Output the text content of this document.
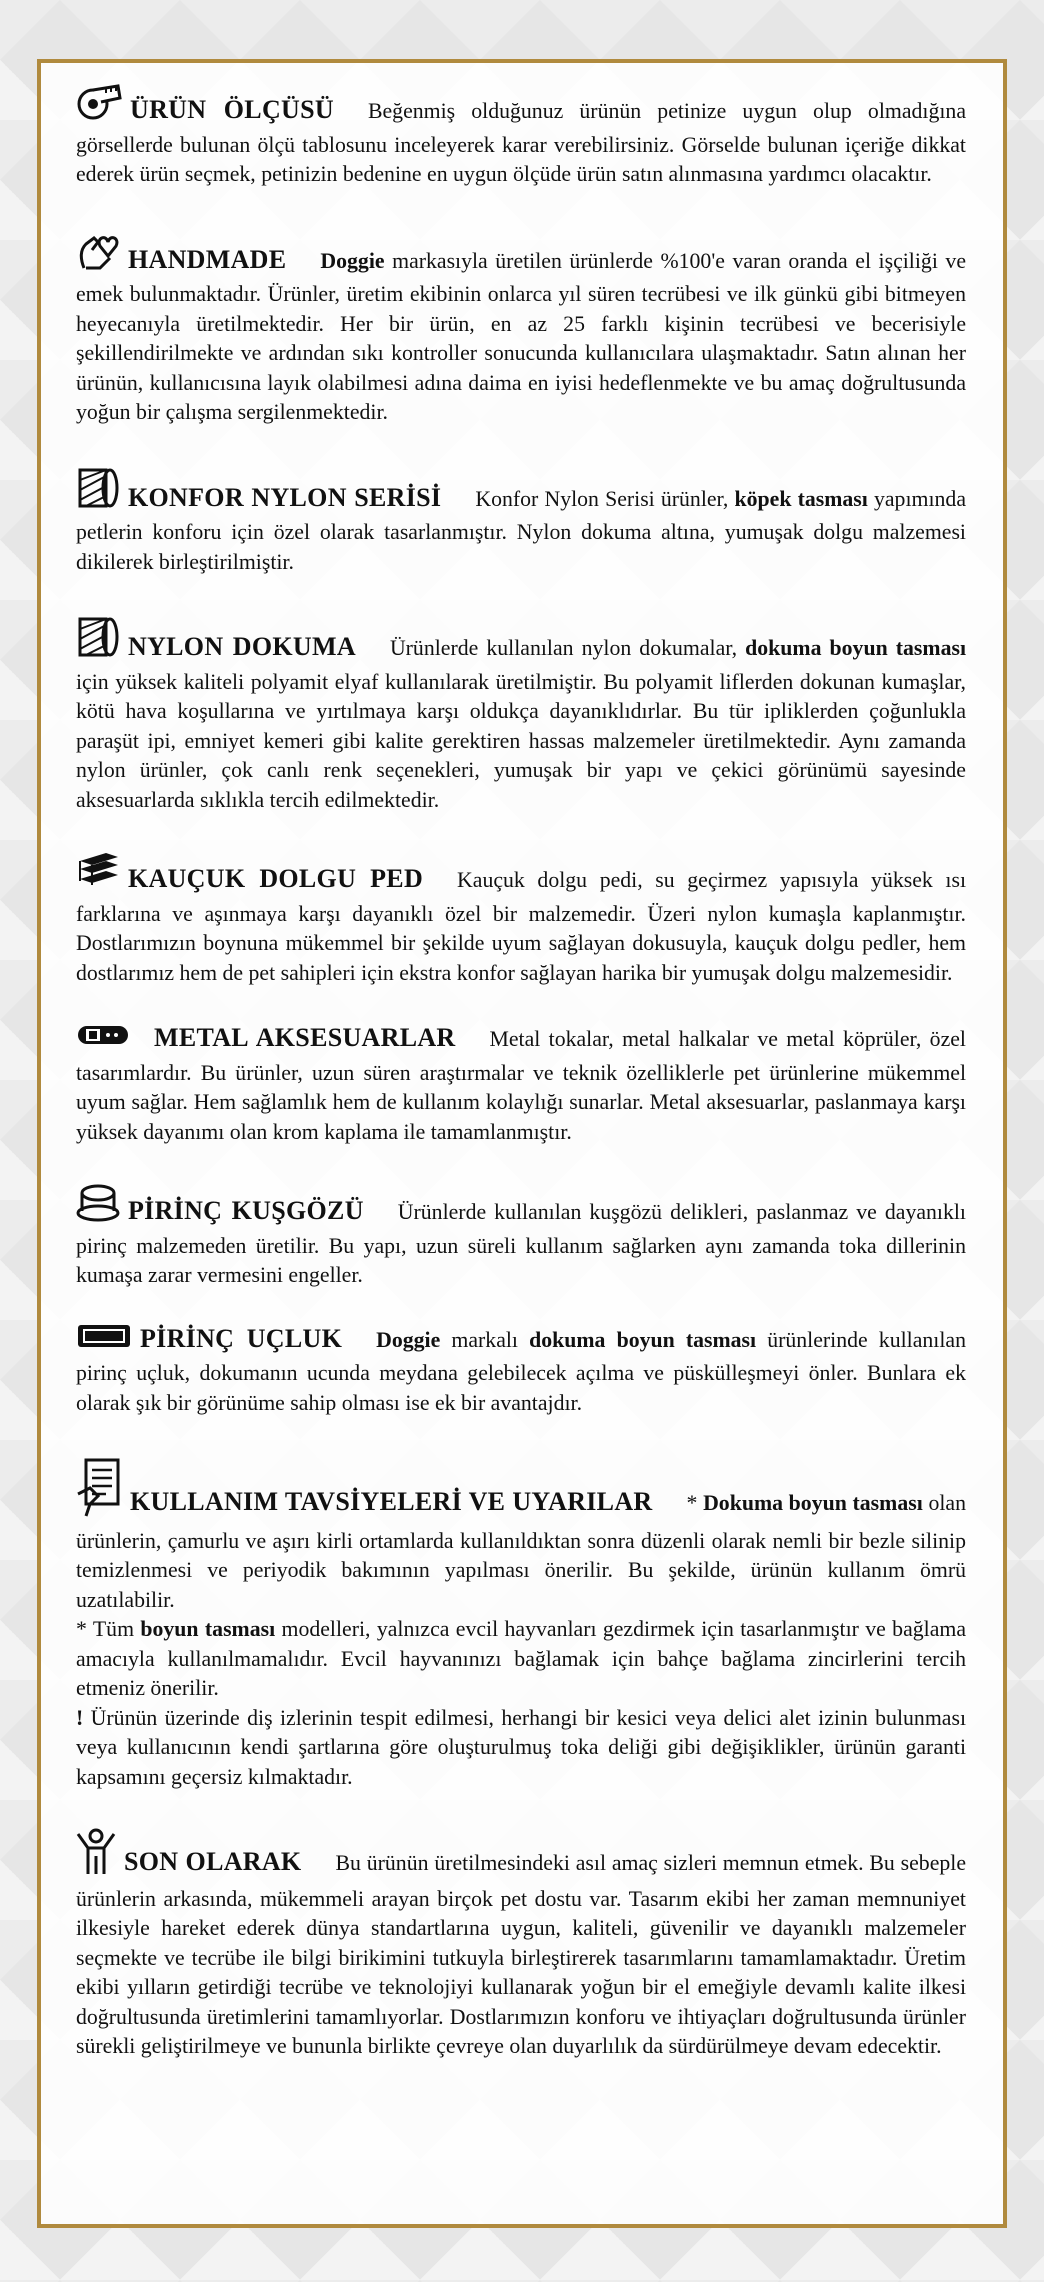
ÜRÜN ÖLÇÜSÜ Beğenmiş olduğunuz ürünün petinize uygun olup olmadığına görsellerde bulunan ölçü tablosunu inceleyerek karar verebilirsiniz. Görselde bulunan içeriğe dikkat ederek ürün seçmek, petinizin bedenine en uygun ölçüde ürün satın alınmasına yardımcı olacaktır.

HANDMADE Doggie markasıyla üretilen ürünlerde %100'e varan oranda el işçiliği ve emek bulunmaktadır. Ürünler, üretim ekibinin onlarca yıl süren tecrübesi ve ilk günkü gibi bitmeyen heyecanıyla üretilmektedir. Her bir ürün, en az 25 farklı kişinin tecrübesi ve becerisiyle şekillendirilmekte ve ardından sıkı kontroller sonucunda kullanıcılara ulaşmaktadır. Satın alınan her ürünün, kullanıcısına layık olabilmesi adına daima en iyisi hedeflenmekte ve bu amaç doğrultusunda yoğun bir çalışma sergilenmektedir.

KONFOR NYLON SERİSİ Konfor Nylon Serisi ürünler, köpek tasması yapımında petlerin konforu için özel olarak tasarlanmıştır. Nylon dokuma altına, yumuşak dolgu malzemesi dikilerek birleştirilmiştir.

NYLON DOKUMA Ürünlerde kullanılan nylon dokumalar, dokuma boyun tasması için yüksek kaliteli polyamit elyaf kullanılarak üretilmiştir. Bu polyamit liflerden dokunan kumaşlar, kötü hava koşullarına ve yırtılmaya karşı oldukça dayanıklıdırlar. Bu tür ipliklerden çoğunlukla paraşüt ipi, emniyet kemeri gibi kalite gerektiren hassas malzemeler üretilmektedir. Aynı zamanda nylon ürünler, çok canlı renk seçenekleri, yumuşak bir yapı ve çekici görünümü sayesinde aksesuarlarda sıklıkla tercih edilmektedir.

KAUÇUK DOLGU PED Kauçuk dolgu pedi, su geçirmez yapısıyla yüksek ısı farklarına ve aşınmaya karşı dayanıklı özel bir malzemedir. Üzeri nylon kumaşla kaplanmıştır. Dostlarımızın boynuna mükemmel bir şekilde uyum sağlayan dokusuyla, kauçuk dolgu pedler, hem dostlarımız hem de pet sahipleri için ekstra konfor sağlayan harika bir yumuşak dolgu malzemesidir.

METAL AKSESUARLAR Metal tokalar, metal halkalar ve metal köprüler, özel tasarımlardır. Bu ürünler, uzun süren araştırmalar ve teknik özelliklerle pet ürünlerine mükemmel uyum sağlar. Hem sağlamlık hem de kullanım kolaylığı sunarlar. Metal aksesuarlar, paslanmaya karşı yüksek dayanımı olan krom kaplama ile tamamlanmıştır.

PİRİNÇ KUŞGÖZÜ Ürünlerde kullanılan kuşgözü delikleri, paslanmaz ve dayanıklı pirinç malzemeden üretilir. Bu yapı, uzun süreli kullanım sağlarken aynı zamanda toka dillerinin kumaşa zarar vermesini engeller.

PİRİNÇ UÇLUK Doggie markalı dokuma boyun tasması ürünlerinde kullanılan pirinç uçluk, dokumanın ucunda meydana gelebilecek açılma ve püskülleşmeyi önler. Bunlara ek olarak şık bir görünüme sahip olması ise ek bir avantajdır.

KULLANIM TAVSİYELERİ VE UYARILAR * Dokuma boyun tasması olan ürünlerin, çamurlu ve aşırı kirli ortamlarda kullanıldıktan sonra düzenli olarak nemli bir bezle silinip temizlenmesi ve periyodik bakımının yapılması önerilir. Bu şekilde, ürünün kullanım ömrü uzatılabilir.

* Tüm boyun tasması modelleri, yalnızca evcil hayvanları gezdirmek için tasarlanmıştır ve bağlama amacıyla kullanılmamalıdır. Evcil hayvanınızı bağlamak için bahçe bağlama zincirlerini tercih etmeniz önerilir.

! Ürünün üzerinde diş izlerinin tespit edilmesi, herhangi bir kesici veya delici alet izinin bulunması veya kullanıcının kendi şartlarına göre oluşturulmuş toka deliği gibi değişiklikler, ürünün garanti kapsamını geçersiz kılmaktadır.

SON OLARAK Bu ürünün üretilmesindeki asıl amaç sizleri memnun etmek. Bu sebeple ürünlerin arkasında, mükemmeli arayan birçok pet dostu var. Tasarım ekibi her zaman memnuniyet ilkesiyle hareket ederek dünya standartlarına uygun, kaliteli, güvenilir ve dayanıklı malzemeler seçmekte ve tecrübe ile bilgi birikimini tutkuyla birleştirerek tasarımlarını tamamlamaktadır. Üretim ekibi yılların getirdiği tecrübe ve teknolojiyi kullanarak yoğun bir el emeğiyle devamlı kalite ilkesi doğrultusunda üretimlerini tamamlıyorlar. Dostlarımızın konforu ve ihtiyaçları doğrultusunda ürünler sürekli geliştirilmeye ve bununla birlikte çevreye olan duyarlılık da sürdürülmeye devam edecektir.
